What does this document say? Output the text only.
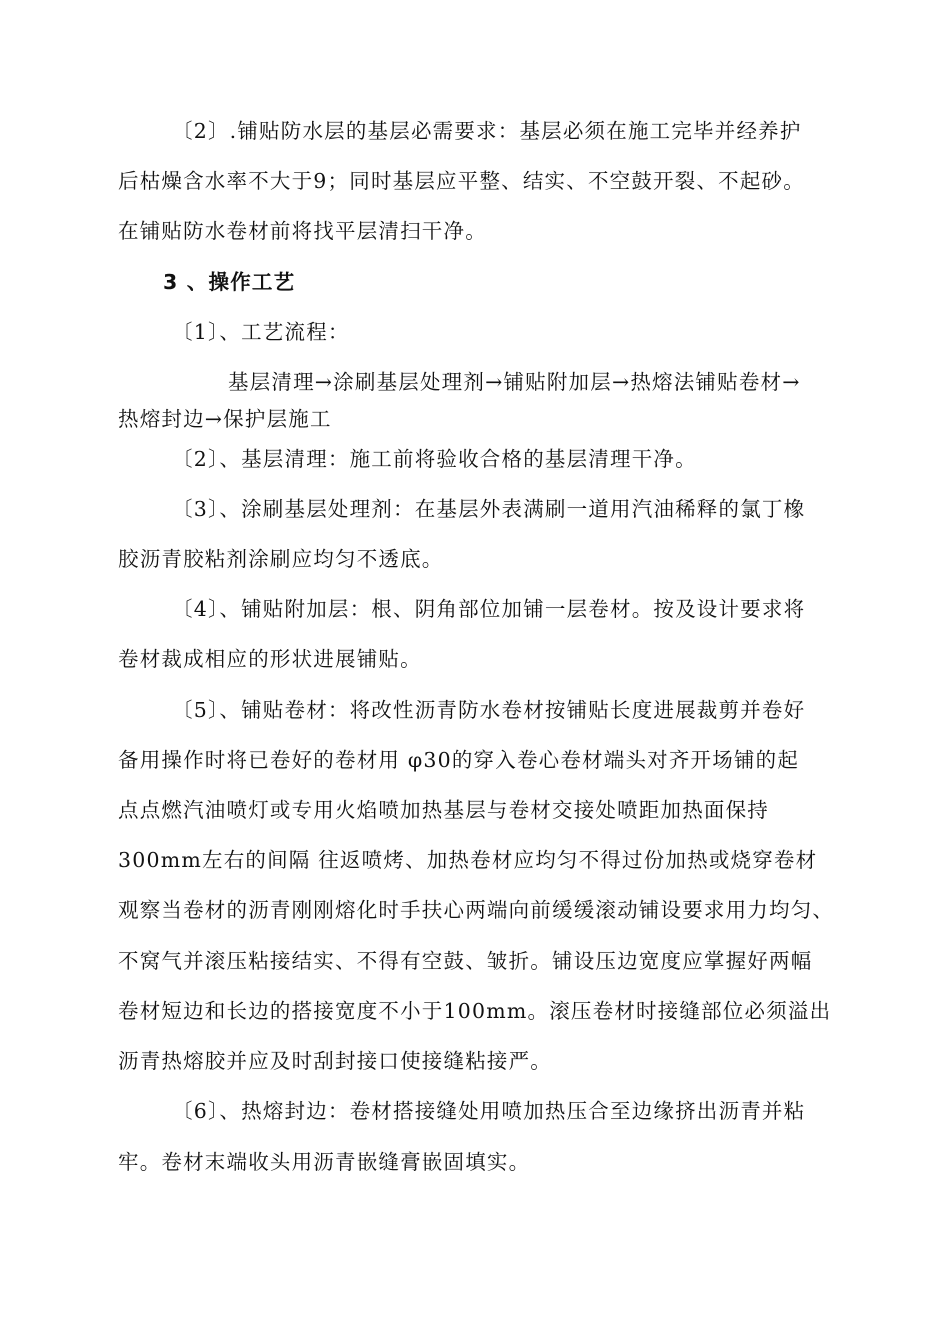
〔2〕.铺贴防水层的基层必需要求：基层必须在施工完毕并经养护
后枯燥含水率不大于9；同时基层应平整、结实、不空鼓开裂、不起砂。
在铺贴防水卷材前将找平层清扫干净。
3 、操作工艺
〔1〕、工艺流程：
基层清理→涂刷基层处理剂→铺贴附加层→热熔法铺贴卷材→
热熔封边→保护层施工
〔2〕、基层清理：施工前将验收合格的基层清理干净。
〔3〕、涂刷基层处理剂：在基层外表满刷一道用汽油稀释的氯丁橡
胶沥青胶粘剂涂刷应均匀不透底。
〔4〕、铺贴附加层：根、阴角部位加铺一层卷材。按及设计要求将
卷材裁成相应的形状进展铺贴。
〔5〕、铺贴卷材：将改性沥青防水卷材按铺贴长度进展裁剪并卷好
备用操作时将已卷好的卷材用 φ30的穿入卷心卷材端头对齐开场铺的起
点点燃汽油喷灯或专用火焰喷加热基层与卷材交接处喷距加热面保持
300mm左右的间隔 往返喷烤、加热卷材应均匀不得过份加热或烧穿卷材
观察当卷材的沥青刚刚熔化时手扶心两端向前缓缓滚动铺设要求用力均匀、
不窝气并滚压粘接结实、不得有空鼓、皱折。铺设压边宽度应掌握好两幅
卷材短边和长边的搭接宽度不小于100mm。滚压卷材时接缝部位必须溢出
沥青热熔胶并应及时刮封接口使接缝粘接严。
〔6〕、热熔封边：卷材搭接缝处用喷加热压合至边缘挤出沥青并粘
牢。卷材末端收头用沥青嵌缝膏嵌固填实。
